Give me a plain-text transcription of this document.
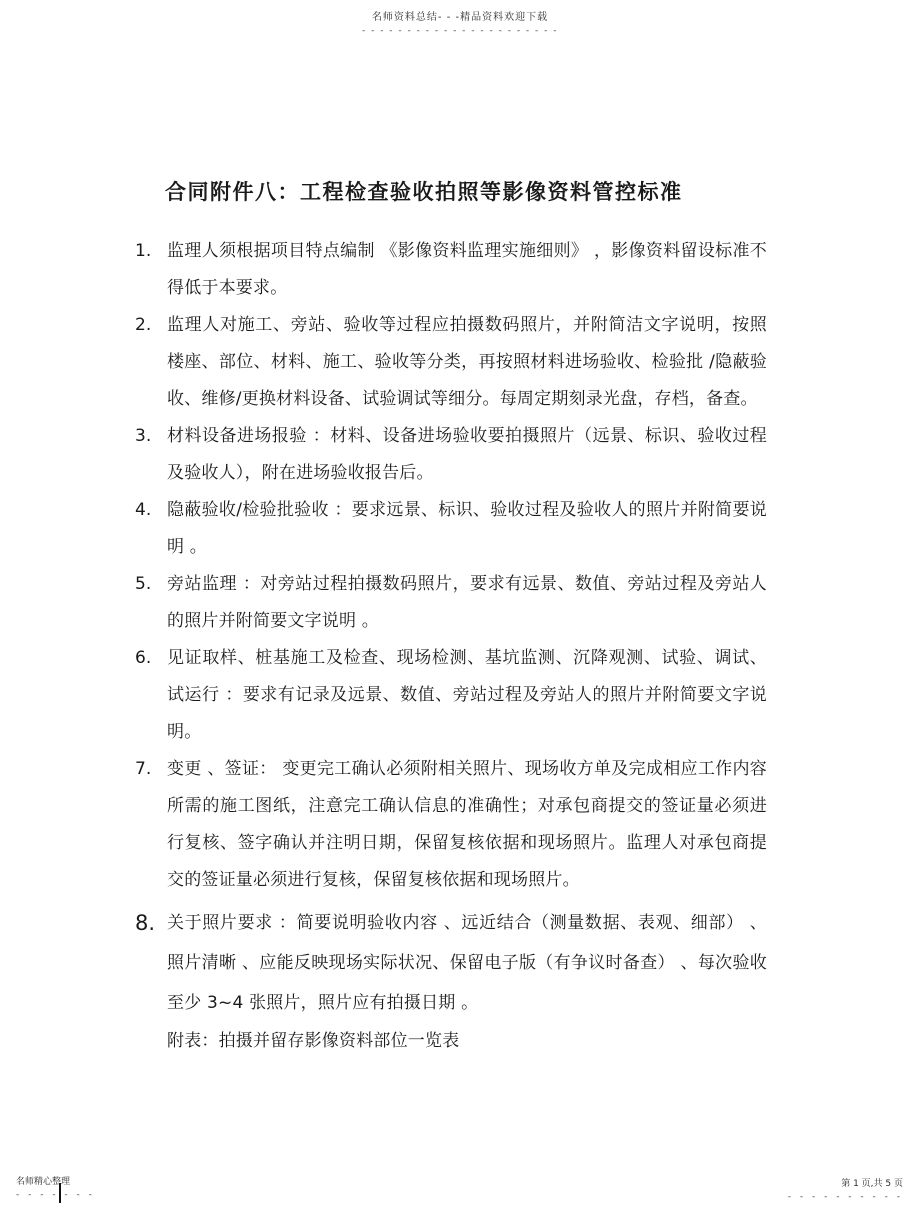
名师资料总结- - -精品资料欢迎下载
- - - - - - - - - - - - - - - - - - - - - -
合同附件八：工程检查验收拍照等影像资料管控标准
1. 监理人须根据项目特点编制 《影像资料监理实施细则》 ，影像资料留设标准不得低于本要求。
2. 监理人对施工、旁站、验收等过程应拍摄数码照片，并附简洁文字说明，按照楼座、部位、材料、施工、验收等分类，再按照材料进场验收、检验批 /隐蔽验收、维修/更换材料设备、试验调试等细分。每周定期刻录光盘，存档，备查。
3. 材料设备进场报验 ：材料、设备进场验收要拍摄照片（远景、标识、验收过程及验收人），附在进场验收报告后。
4. 隐蔽验收/检验批验收 ：要求远景、标识、验收过程及验收人的照片并附简要说明 。
5. 旁站监理 ：对旁站过程拍摄数码照片，要求有远景、数值、旁站过程及旁站人的照片并附简要文字说明 。
6. 见证取样、桩基施工及检查、现场检测、基坑监测、沉降观测、试验、调试、试运行 ：要求有记录及远景、数值、旁站过程及旁站人的照片并附简要文字说明。
7. 变更 、签证： 变更完工确认必须附相关照片、现场收方单及完成相应工作内容所需的施工图纸，注意完工确认信息的准确性；对承包商提交的签证量必须进行复核、签字确认并注明日期，保留复核依据和现场照片。监理人对承包商提交的签证量必须进行复核，保留复核依据和现场照片。
8. 关于照片要求 ：简要说明验收内容 、远近结合（测量数据、表观、细部） 、照片清晰 、应能反映现场实际状况、保留电子版（有争议时备查） 、每次验收至少 3~4 张照片，照片应有拍摄日期 。
附表：拍摄并留存影像资料部位一览表
名师精心整理
- - - - - - -
第 1 页,共 5 页
- - - - - - - - - -
